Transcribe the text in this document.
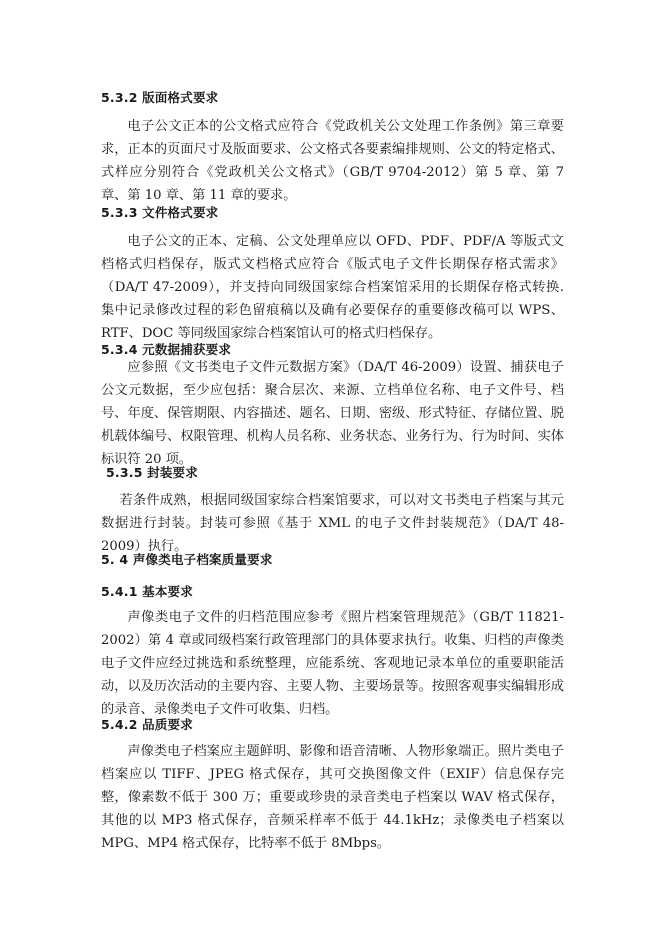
5.3.2 版面格式要求

电子公文正本的公文格式应符合《党政机关公文处理工作条例》第三章要求，正本的页面尺寸及版面要求、公文格式各要素编排规则、公文的特定格式、式样应分别符合《党政机关公文格式》（GB/T 9704-2012）第 5 章、第 7 章、第 10 章、第 11 章的要求。

5.3.3 文件格式要求

电子公文的正本、定稿、公文处理单应以 OFD、PDF、PDF/A 等版式文档格式归档保存，版式文档格式应符合《版式电子文件长期保存格式需求》（DA/T 47-2009），并支持向同级国家综合档案馆采用的长期保存格式转换. 集中记录修改过程的彩色留痕稿以及确有必要保存的重要修改稿可以 WPS、RTF、DOC 等同级国家综合档案馆认可的格式归档保存。

5.3.4 元数据捕获要求

应参照《文书类电子文件元数据方案》（DA/T 46-2009）设置、捕获电子公文元数据，至少应包括：聚合层次、来源、立档单位名称、电子文件号、档号、年度、保管期限、内容描述、题名、日期、密级、形式特征、存储位置、脱机载体编号、权限管理、机构人员名称、业务状态、业务行为、行为时间、实体标识符 20 项。

5.3.5 封装要求

若条件成熟，根据同级国家综合档案馆要求，可以对文书类电子档案与其元数据进行封装。封装可参照《基于 XML 的电子文件封装规范》（DA/T 48-2009）执行。

5. 4 声像类电子档案质量要求
5.4.1 基本要求

声像类电子文件的归档范围应参考《照片档案管理规范》（GB/T 11821-2002）第 4 章或同级档案行政管理部门的具体要求执行。收集、归档的声像类电子文件应经过挑选和系统整理，应能系统、客观地记录本单位的重要职能活动，以及历次活动的主要内容、主要人物、主要场景等。按照客观事实编辑形成的录音、录像类电子文件可收集、归档。

5.4.2 品质要求

声像类电子档案应主题鲜明、影像和语音清晰、人物形象端正。照片类电子档案应以 TIFF、JPEG 格式保存，其可交换图像文件（EXIF）信息保存完整，像素数不低于 300 万；重要或珍贵的录音类电子档案以 WAV 格式保存，其他的以 MP3 格式保存，音频采样率不低于 44.1kHz；录像类电子档案以 MPG、MP4 格式保存，比特率不低于 8Mbps。
